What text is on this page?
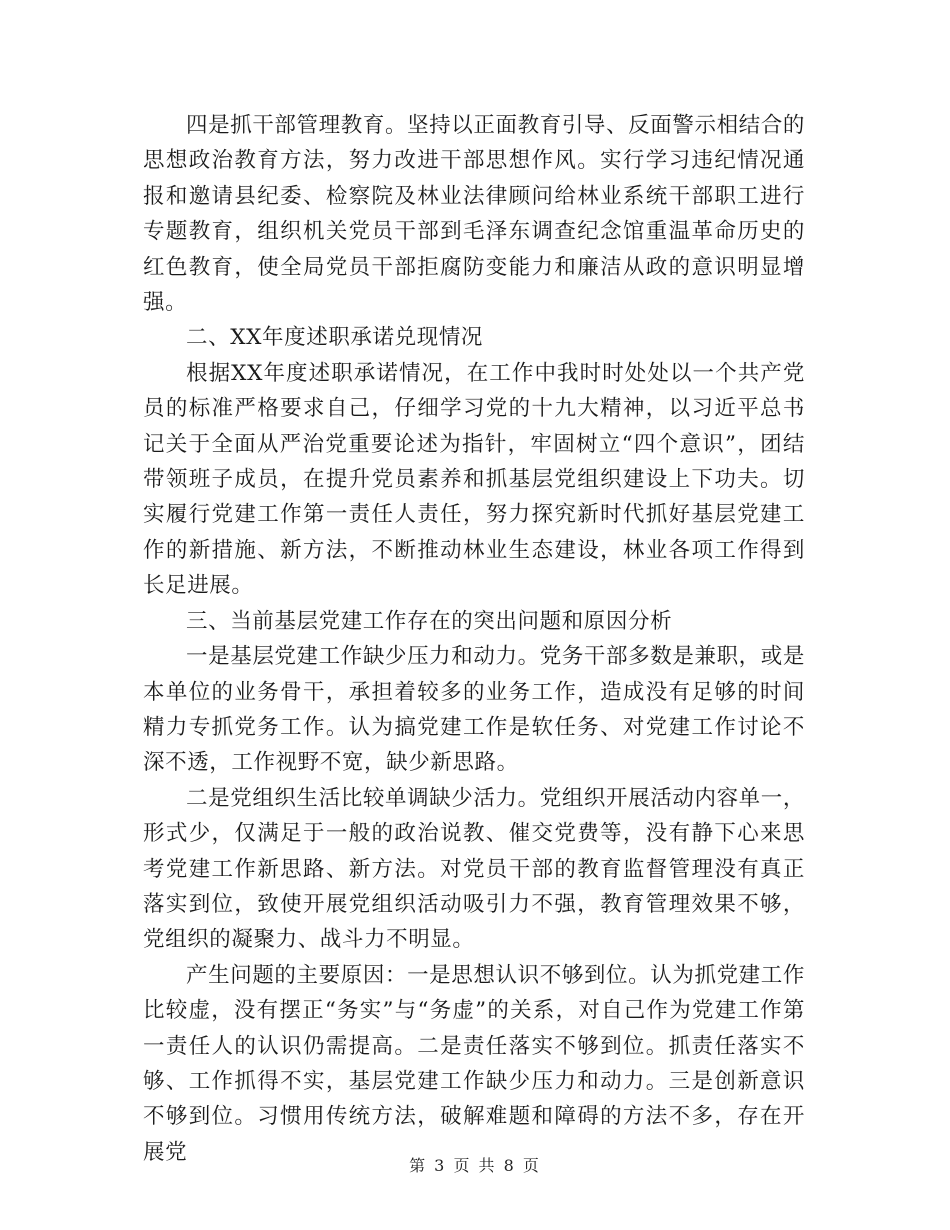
四是抓干部管理教育。坚持以正面教育引导、反面警示相结合的思想政治教育方法，努力改进干部思想作风。实行学习违纪情况通报和邀请县纪委、检察院及林业法律顾问给林业系统干部职工进行专题教育，组织机关党员干部到毛泽东调查纪念馆重温革命历史的红色教育，使全局党员干部拒腐防变能力和廉洁从政的意识明显增强。

二、XX年度述职承诺兑现情况

根据XX年度述职承诺情况，在工作中我时时处处以一个共产党员的标准严格要求自己，仔细学习党的十九大精神，以习近平总书记关于全面从严治党重要论述为指针，牢固树立“四个意识”，团结带领班子成员，在提升党员素养和抓基层党组织建设上下功夫。切实履行党建工作第一责任人责任，努力探究新时代抓好基层党建工作的新措施、新方法，不断推动林业生态建设，林业各项工作得到长足进展。

三、当前基层党建工作存在的突出问题和原因分析

一是基层党建工作缺少压力和动力。党务干部多数是兼职，或是本单位的业务骨干，承担着较多的业务工作，造成没有足够的时间精力专抓党务工作。认为搞党建工作是软任务、对党建工作讨论不深不透，工作视野不宽，缺少新思路。

二是党组织生活比较单调缺少活力。党组织开展活动内容单一，形式少，仅满足于一般的政治说教、催交党费等，没有静下心来思考党建工作新思路、新方法。对党员干部的教育监督管理没有真正落实到位，致使开展党组织活动吸引力不强，教育管理效果不够，党组织的凝聚力、战斗力不明显。

产生问题的主要原因：一是思想认识不够到位。认为抓党建工作比较虚，没有摆正“务实”与“务虚”的关系，对自己作为党建工作第一责任人的认识仍需提高。二是责任落实不够到位。抓责任落实不够、工作抓得不实，基层党建工作缺少压力和动力。三是创新意识不够到位。习惯用传统方法，破解难题和障碍的方法不多，存在开展党

第 3 页 共 8 页
